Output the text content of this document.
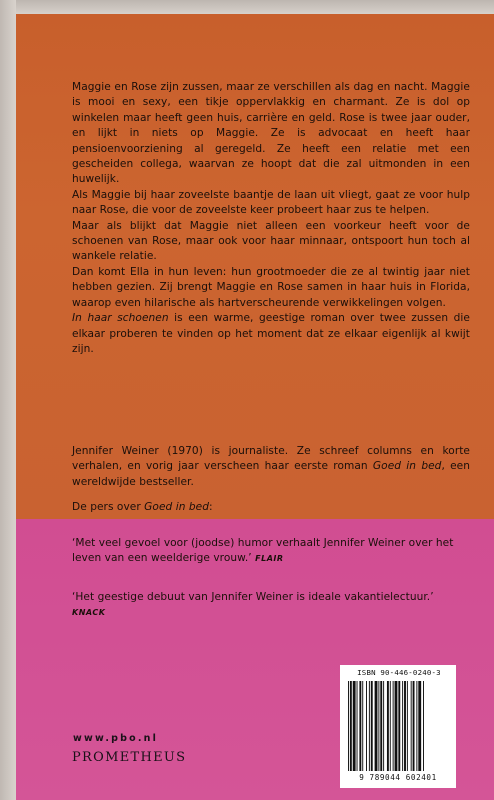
Maggie en Rose zijn zussen, maar ze verschillen als dag en nacht. Maggie is mooi en sexy, een tikje oppervlakkig en charmant. Ze is dol op winkelen maar heeft geen huis, carrière en geld. Rose is twee jaar ouder, en lijkt in niets op Maggie. Ze is advocaat en heeft haar pensioenvoorziening al geregeld. Ze heeft een relatie met een gescheiden collega, waarvan ze hoopt dat die zal uitmonden in een huwelijk.

Als Maggie bij haar zoveelste baantje de laan uit vliegt, gaat ze voor hulp naar Rose, die voor de zoveelste keer probeert haar zus te helpen.

Maar als blijkt dat Maggie niet alleen een voorkeur heeft voor de schoenen van Rose, maar ook voor haar minnaar, ontspoort hun toch al wankele relatie.

Dan komt Ella in hun leven: hun grootmoeder die ze al twintig jaar niet hebben gezien. Zij brengt Maggie en Rose samen in haar huis in Florida, waarop even hilarische als hartverscheurende verwikkelingen volgen.

In haar schoenen is een warme, geestige roman over twee zussen die elkaar proberen te vinden op het moment dat ze elkaar eigenlijk al kwijt zijn.

Jennifer Weiner (1970) is journaliste. Ze schreef columns en korte verhalen, en vorig jaar verscheen haar eerste roman Goed in bed, een wereldwijde bestseller.
De pers over Goed in bed:
‘Met veel gevoel voor (joodse) humor verhaalt Jennifer Weiner over het leven van een weelderige vrouw.’ FLAIR
‘Het geestige debuut van Jennifer Weiner is ideale vakantielectuur.’
KNACK
www.pbo.nl
PROMETHEUS
ISBN 90-446-0240-3
9 789044 602401
